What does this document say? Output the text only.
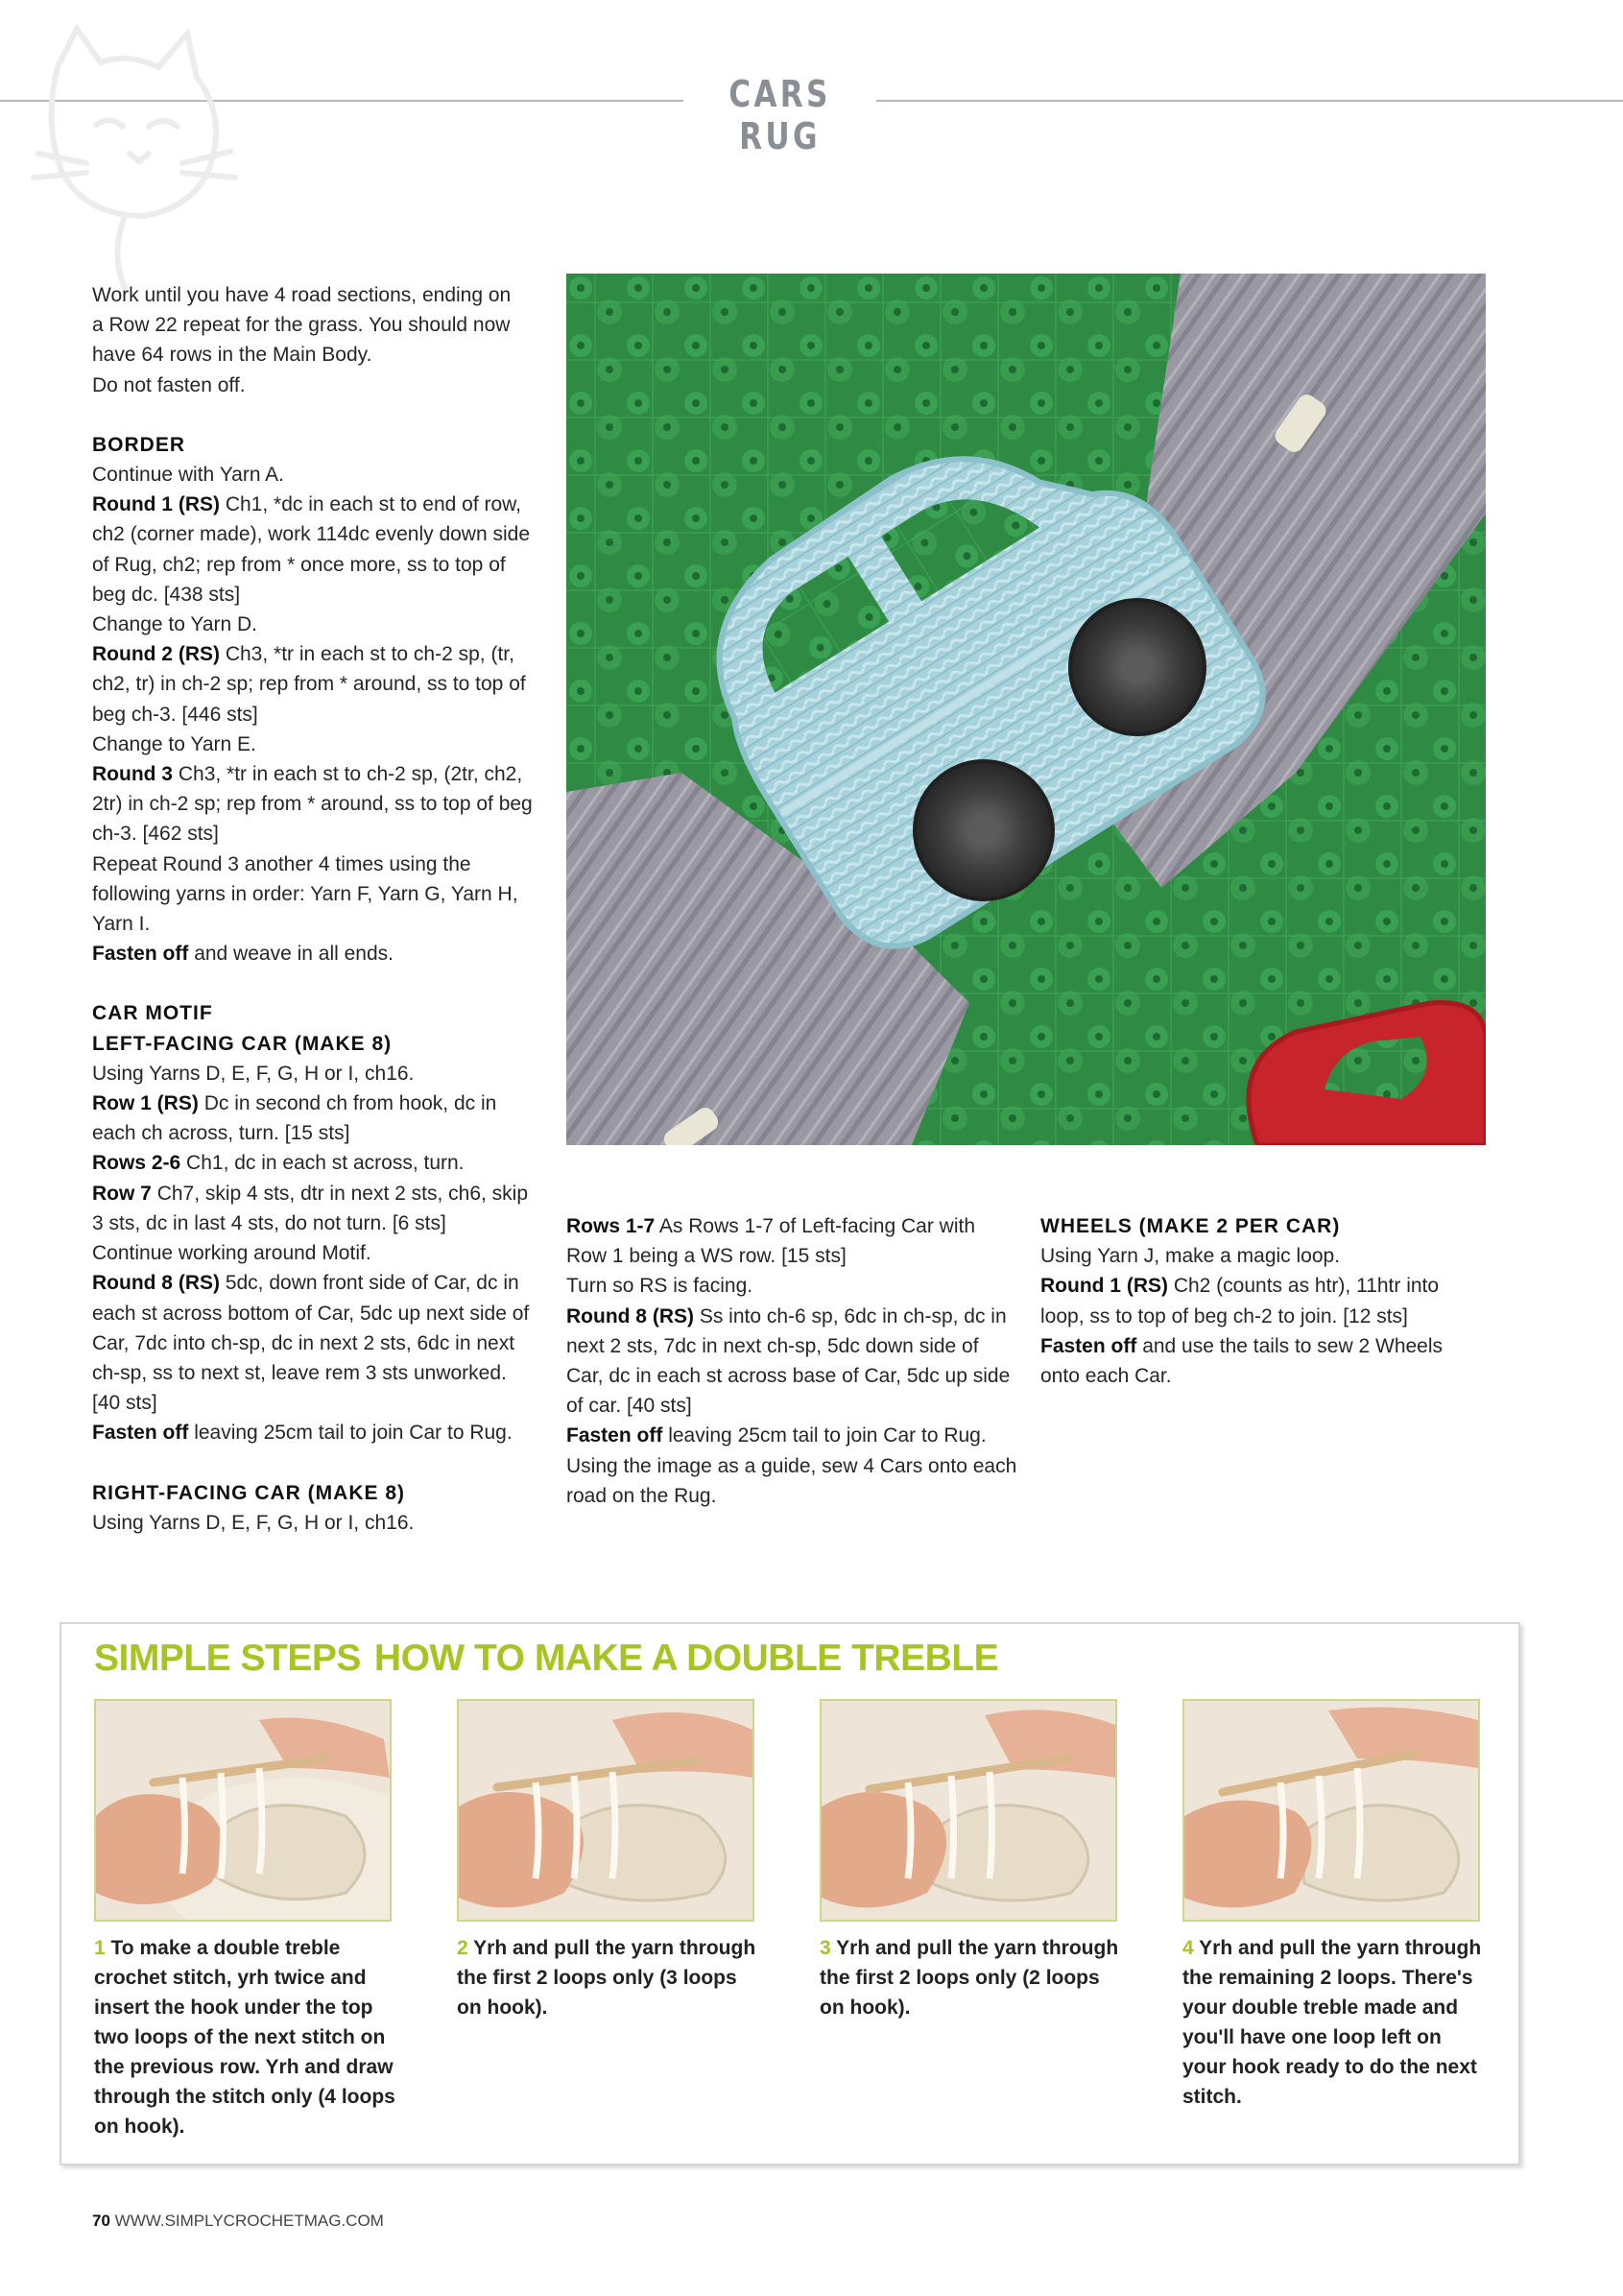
CARS RUG

Work until you have 4 road sections, ending on

a Row 22 repeat for the grass. You should now

have 64 rows in the Main Body.

Do not fasten off.

BORDER

Continue with Yarn A.

Round 1 (RS) Ch1, *dc in each st to end of row, ch2 (corner made), work 114dc evenly down side of Rug, ch2; rep from * once more, ss to top of beg dc. [438 sts]

Change to Yarn D.

Round 2 (RS) Ch3, *tr in each st to ch-2 sp, (tr, ch2, tr) in ch-2 sp; rep from * around, ss to top of beg ch-3. [446 sts]

Change to Yarn E.

Round 3 Ch3, *tr in each st to ch-2 sp, (2tr, ch2, 2tr) in ch-2 sp; rep from * around, ss to top of beg ch-3. [462 sts]

Repeat Round 3 another 4 times using the following yarns in order: Yarn F, Yarn G, Yarn H, Yarn I.

Fasten off and weave in all ends.

CAR MOTIF

LEFT-FACING CAR (MAKE 8)

Using Yarns D, E, F, G, H or I, ch16.

Row 1 (RS) Dc in second ch from hook, dc in each ch across, turn. [15 sts]

Rows 2-6 Ch1, dc in each st across, turn.

Row 7 Ch7, skip 4 sts, dtr in next 2 sts, ch6, skip 3 sts, dc in last 4 sts, do not turn. [6 sts]

Continue working around Motif.

Round 8 (RS) 5dc, down front side of Car, dc in each st across bottom of Car, 5dc up next side of Car, 7dc into ch-sp, dc in next 2 sts, 6dc in next ch-sp, ss to next st, leave rem 3 sts unworked. [40 sts]

Fasten off leaving 25cm tail to join Car to Rug.

RIGHT-FACING CAR (MAKE 8)

Using Yarns D, E, F, G, H or I, ch16.

Rows 1-7 As Rows 1-7 of Left-facing Car with Row 1 being a WS row. [15 sts]

Turn so RS is facing.

Round 8 (RS) Ss into ch-6 sp, 6dc in ch-sp, dc in next 2 sts, 7dc in next ch-sp, 5dc down side of Car, dc in each st across base of Car, 5dc up side of car. [40 sts]

Fasten off leaving 25cm tail to join Car to Rug.

Using the image as a guide, sew 4 Cars onto each road on the Rug.

WHEELS (MAKE 2 PER CAR)

Using Yarn J, make a magic loop.

Round 1 (RS) Ch2 (counts as htr), 11htr into loop, ss to top of beg ch-2 to join. [12 sts]

Fasten off and use the tails to sew 2 Wheels onto each Car.

SIMPLE STEPS HOW TO MAKE A DOUBLE TREBLE
1 To make a double treble crochet stitch, yrh twice and insert the hook under the top two loops of the next stitch on the previous row. Yrh and draw through the stitch only (4 loops on hook).
2 Yrh and pull the yarn through the first 2 loops only (3 loops on hook).
3 Yrh and pull the yarn through the first 2 loops only (2 loops on hook).
4 Yrh and pull the yarn through the remaining 2 loops. There's your double treble made and you'll have one loop left on your hook ready to do the next stitch.
70 WWW.SIMPLYCROCHETMAG.COM
